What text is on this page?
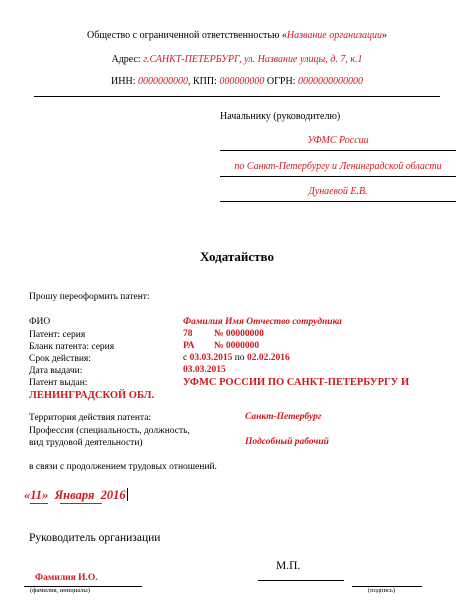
Общество с ограниченной ответственностью «Название организации»
Адрес: г.САНКТ-ПЕТЕРБУРГ, ул. Название улицы, д. 7, к.1
ИНН: 0000000000, КПП: 000000000 ОГРН: 0000000000000
Начальнику (руководителю)
УФМС России
по Санкт-Петербургу и Ленинградской области
Дунаевой Е.В.
Ходатайство
Прошу переоформить патент:
ФИО	Фамилия Имя Отчество сотрудника
Патент: серия	78 № 00000000
Бланк патента: серия	РА № 0000000
Срок действия:	с 03.03.2015 по 02.02.2016
Дата выдачи:	03.03.2015
Патент выдан:	УФМС РОССИИ ПО САНКТ-ПЕТЕРБУРГУ И
ЛЕНИНГРАДСКОЙ ОБЛ.
Территория действия патента:	Санкт-Петербург
Профессия (специальность, должность,
вид трудовой деятельности)	Подсобный рабочий
в связи с продолжением трудовых отношений.
«11» Января 2016
Руководитель организации
М.П.
Фамилия И.О.
(фамилия, инициалы)	(подпись)
